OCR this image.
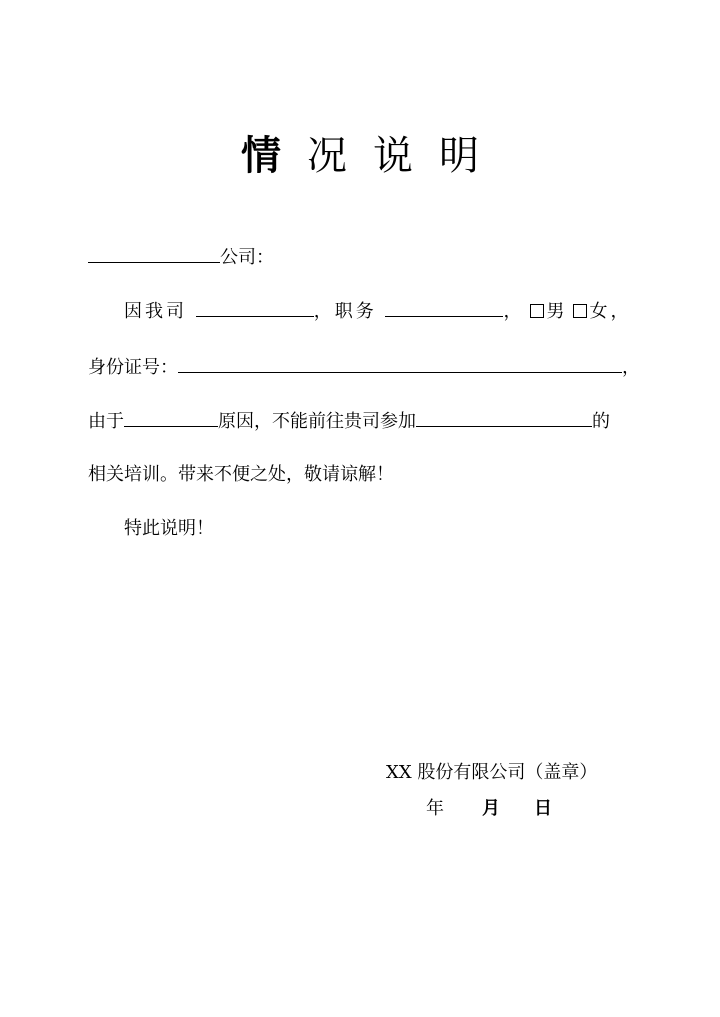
情况说明
公司：
因我司	，职务	， 男 女，
身份证号：	，
由于	原因，不能前往贵司参加	的
相关培训。带来不便之处，敬请谅解！
特此说明！
XX 股份有限公司（盖章）
年 月 日
